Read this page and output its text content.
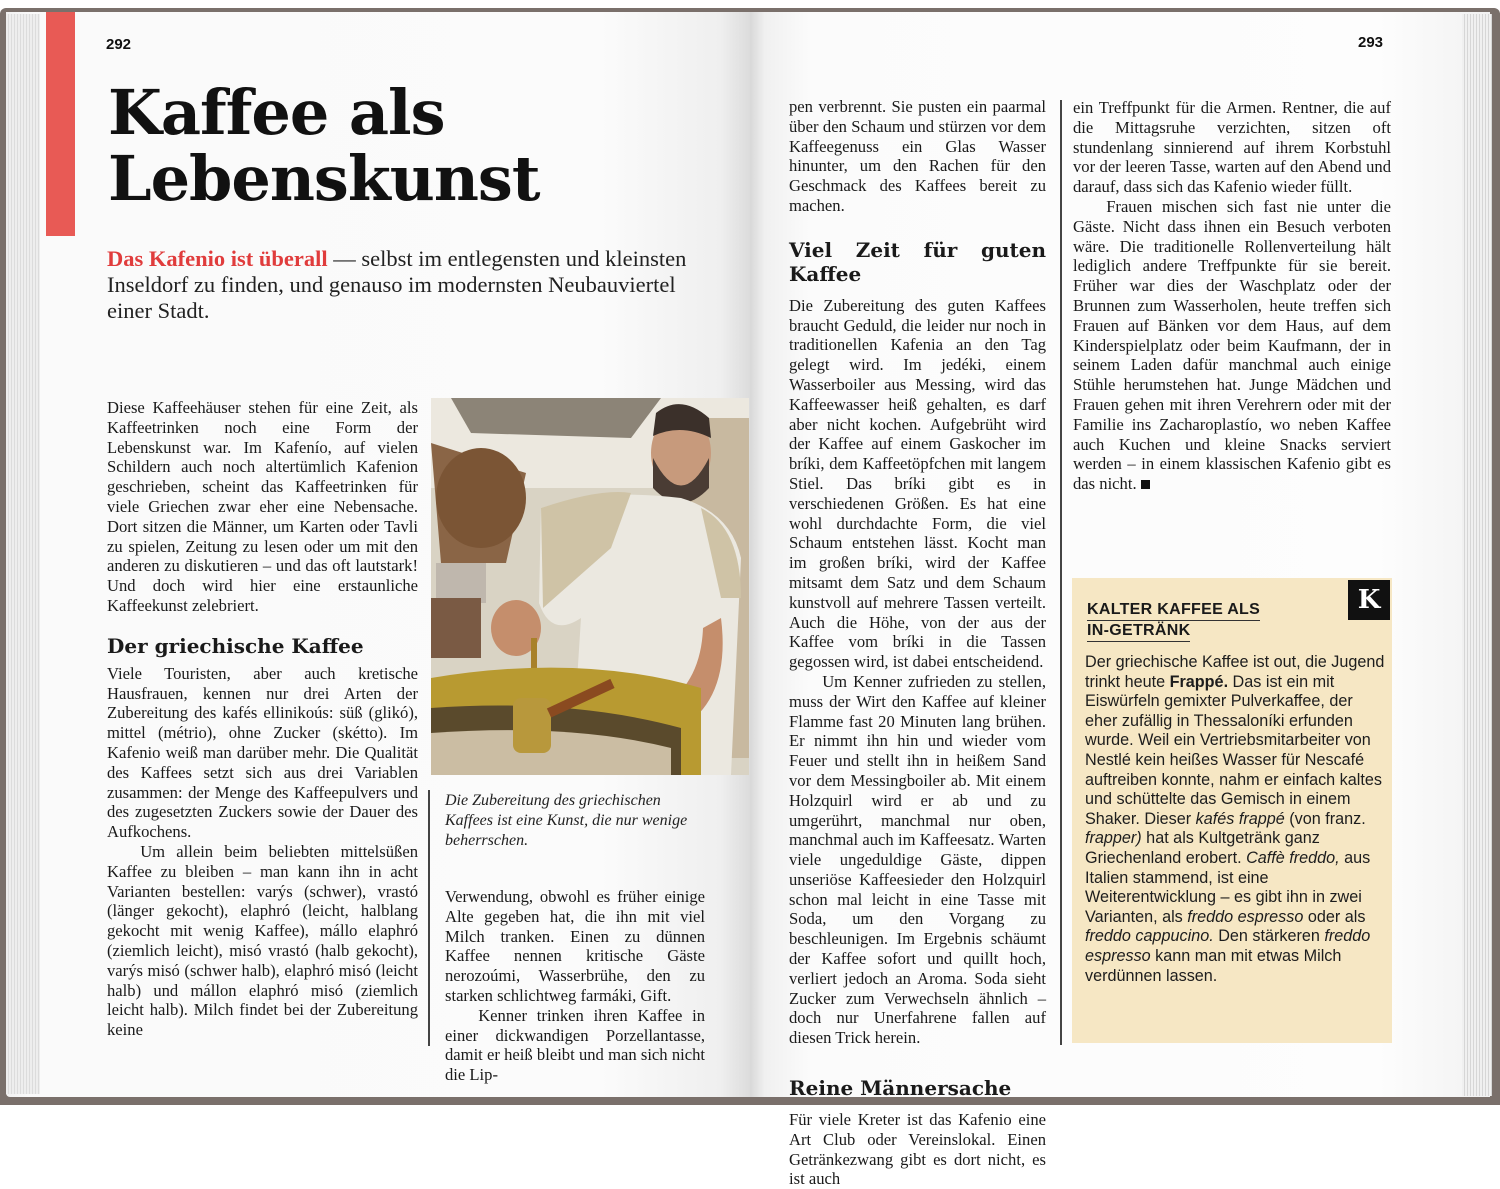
292
Kaffee als
Lebenskunst

Das Kafenio ist überall — selbst im entlegensten und kleinsten Inseldorf zu finden, und genauso im modernsten Neubauviertel einer Stadt.

Diese Kaffeehäuser stehen für eine Zeit, als Kaffeetrinken noch eine Form der Lebenskunst war. Im Kafenío, auf vielen Schildern auch noch altertümlich Kafenion geschrieben, scheint das Kaffeetrinken für viele Griechen zwar eher eine Nebensache. Dort sitzen die Männer, um Karten oder Tavli zu spielen, Zeitung zu lesen oder um mit den anderen zu diskutieren – und das oft lautstark! Und doch wird hier eine erstaunliche Kaffeekunst zelebriert.

Der griechische Kaffee

Viele Touristen, aber auch kretische Hausfrauen, kennen nur drei Arten der Zubereitung des kafés ellinikoús: süß (glikó), mittel (métrio), ohne Zucker (skétto). Im Kafenio weiß man darüber mehr. Die Qualität des Kaffees setzt sich aus drei Variablen zusammen: der Menge des Kaffeepulvers und des zugesetzten Zuckers sowie der Dauer des Aufkochens.

Um allein beim beliebten mittelsüßen Kaffee zu bleiben – man kann ihn in acht Varianten bestellen: varýs (schwer), vrastó (länger gekocht), elaphró (leicht, halblang gekocht mit wenig Kaffee), mállo elaphró (ziemlich leicht), misó vrastó (halb gekocht), varýs misó (schwer halb), elaphró misó (leicht halb) und mállon elaphró misó (ziemlich leicht halb). Milch findet bei der Zubereitung keine

Die Zubereitung des griechischen Kaffees ist eine Kunst, die nur wenige beherrschen.

Verwendung, obwohl es früher einige Alte gegeben hat, die ihn mit viel Milch tranken. Einen zu dünnen Kaffee nennen kritische Gäste nerozoúmi, Wasserbrühe, den zu starken schlichtweg farmáki, Gift.

Kenner trinken ihren Kaffee in einer dickwandigen Porzellantasse, damit er heiß bleibt und man sich nicht die Lip-

293

pen verbrennt. Sie pusten ein paarmal über den Schaum und stürzen vor dem Kaffeegenuss ein Glas Wasser hinunter, um den Rachen für den Geschmack des Kaffees bereit zu machen.

Viel Zeit für guten Kaffee

Die Zubereitung des guten Kaffees braucht Geduld, die leider nur noch in traditionellen Kafenia an den Tag gelegt wird. Im jedéki, einem Wasserboiler aus Messing, wird das Kaffeewasser heiß gehalten, es darf aber nicht kochen. Aufgebrüht wird der Kaffee auf einem Gaskocher im bríki, dem Kaffeetöpfchen mit langem Stiel. Das bríki gibt es in verschiedenen Größen. Es hat eine wohl durchdachte Form, die viel Schaum entstehen lässt. Kocht man im großen bríki, wird der Kaffee mitsamt dem Satz und dem Schaum kunstvoll auf mehrere Tassen verteilt. Auch die Höhe, von der aus der Kaffee vom bríki in die Tassen gegossen wird, ist dabei entscheidend.

Um Kenner zufrieden zu stellen, muss der Wirt den Kaffee auf kleiner Flamme fast 20 Minuten lang brühen. Er nimmt ihn hin und wieder vom Feuer und stellt ihn in heißem Sand vor dem Messingboiler ab. Mit einem Holzquirl wird er ab und zu umgerührt, manchmal nur oben, manchmal auch im Kaffeesatz. Warten viele ungeduldige Gäste, dippen unseriöse Kaffeesieder den Holzquirl schon mal leicht in eine Tasse mit Soda, um den Vorgang zu beschleunigen. Im Ergebnis schäumt der Kaffee sofort und quillt hoch, verliert jedoch an Aroma. Soda sieht Zucker zum Verwechseln ähnlich – doch nur Unerfahrene fallen auf diesen Trick herein.

Reine Männersache

Für viele Kreter ist das Kafenio eine Art Club oder Vereinslokal. Einen Getränkezwang gibt es dort nicht, es ist auch

ein Treffpunkt für die Armen. Rentner, die auf die Mittagsruhe verzichten, sitzen oft stundenlang sinnierend auf ihrem Korbstuhl vor der leeren Tasse, warten auf den Abend und darauf, dass sich das Kafenio wieder füllt.

Frauen mischen sich fast nie unter die Gäste. Nicht dass ihnen ein Besuch verboten wäre. Die traditionelle Rollenverteilung hält lediglich andere Treffpunkte für sie bereit. Früher war dies der Waschplatz oder der Brunnen zum Wasserholen, heute treffen sich Frauen auf Bänken vor dem Haus, auf dem Kinderspielplatz oder beim Kaufmann, der in seinem Laden dafür manchmal auch einige Stühle herumstehen hat. Junge Mädchen und Frauen gehen mit ihren Verehrern oder mit der Familie ins Zacharoplastío, wo neben Kaffee auch Kuchen und kleine Snacks serviert werden – in einem klassischen Kafenio gibt es das nicht.

K
KALTER KAFFEE ALS
IN-GETRÄNK
Der griechische Kaffee ist out, die Jugend trinkt heute Frappé. Das ist ein mit Eiswürfeln gemixter Pulverkaffee, der eher zufällig in Thessaloníki erfunden wurde. Weil ein Vertriebsmitarbeiter von Nestlé kein heißes Wasser für Nescafé auftreiben konnte, nahm er einfach kaltes und schüttelte das Gemisch in einem Shaker. Dieser kafés frappé (von franz. frapper) hat als Kultgetränk ganz Griechenland erobert. Caffè freddo, aus Italien stammend, ist eine Weiterentwicklung – es gibt ihn in zwei Varianten, als freddo espresso oder als freddo cappucino. Den stärkeren freddo espresso kann man mit etwas Milch verdünnen lassen.
